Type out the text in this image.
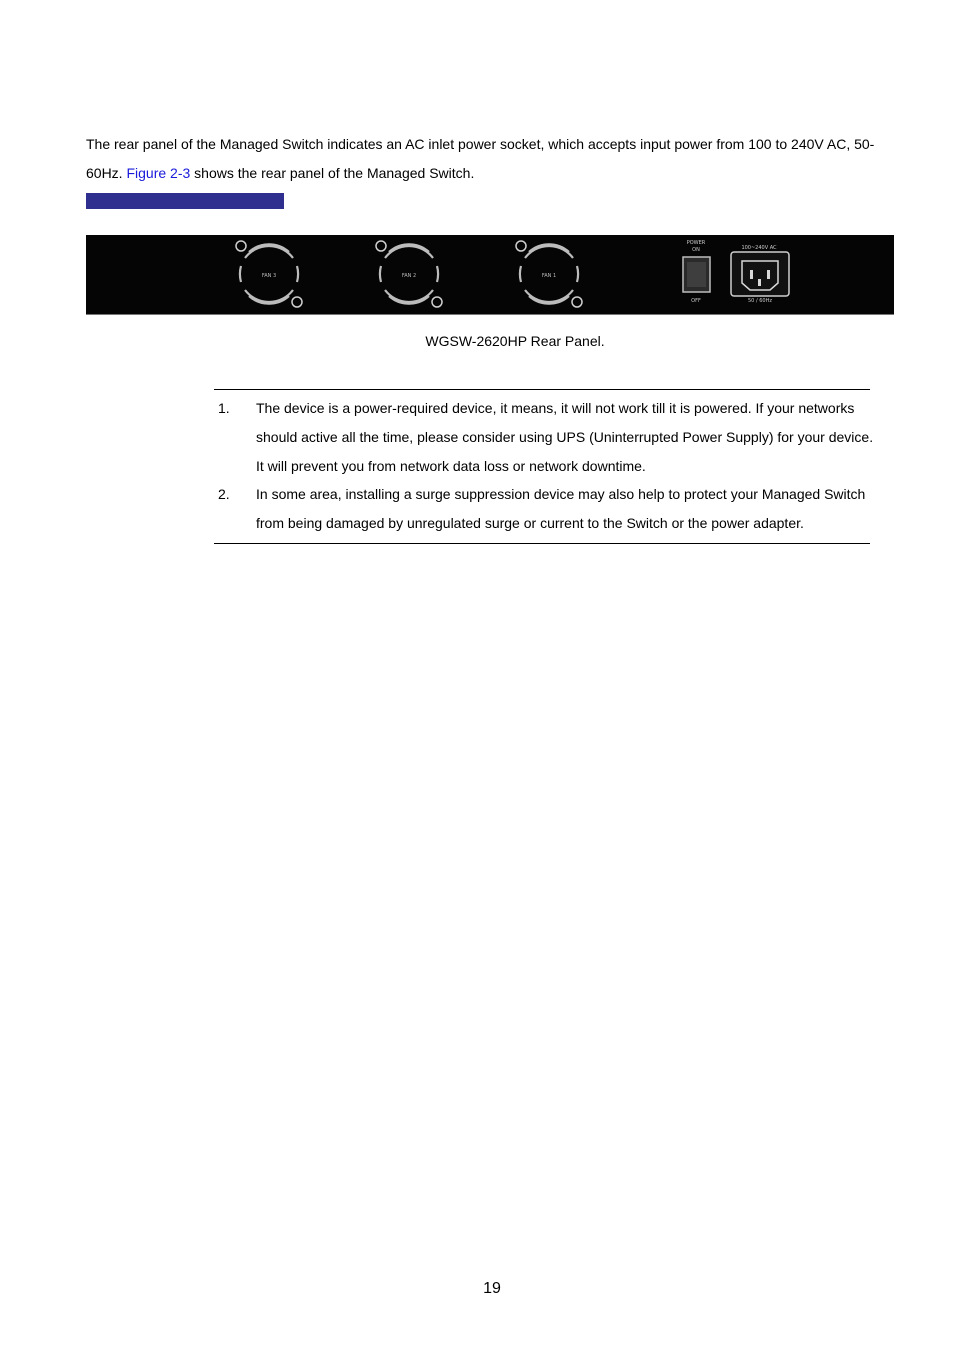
The rear panel of the Managed Switch indicates an AC inlet power socket, which accepts input power from 100 to 240V AC, 50-60Hz. Figure 2-3 shows the rear panel of the Managed Switch.
FAN 3	FAN 2	FAN 1
POWER
ON
OFF
100~240V AC
50 / 60Hz
WGSW-2620HP Rear Panel.
1. The device is a power-required device, it means, it will not work till it is powered. If your networks should active all the time, please consider using UPS (Uninterrupted Power Supply) for your device. It will prevent you from network data loss or network downtime.
2. In some area, installing a surge suppression device may also help to protect your Managed Switch from being damaged by unregulated surge or current to the Switch or the power adapter.
19
